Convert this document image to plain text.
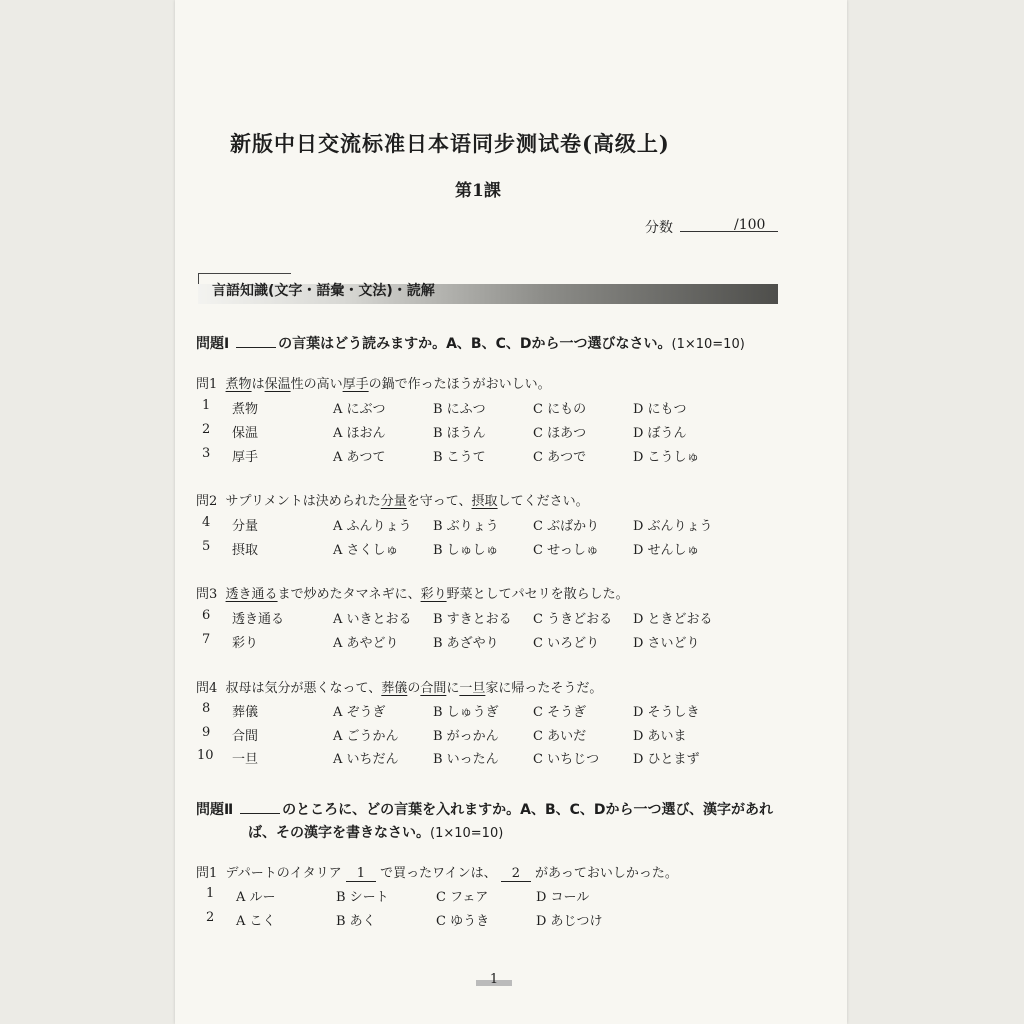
新版中日交流标准日本语同步测试卷(高级上)
第1課
分数	/100
言語知識(文字・語彙・文法)・読解
問題Ⅰ	の言葉はどう読みますか。A、B、C、Dから一つ選びなさい。(1×10=10)
問1 煮物は保温性の高い厚手の鍋で作ったほうがおいしい。
1 煮物	A にぶつ	B にふつ	C にもの	D にもつ
2 保温	A ほおん	B ほうん	C ほあつ	D ぼうん
3 厚手	A あつて	B こうて	C あつで	D こうしゅ
問2 サプリメントは決められた分量を守って、摂取してください。
4 分量	A ふんりょう B ぶりょう	C ぶばかり	D ぶんりょう
5 摂取	A さくしゅ	B しゅしゅ	C せっしゅ	D せんしゅ
問3 透き通るまで炒めたタマネギに、彩り野菜としてパセリを散らした。
6 透き通る	A いきとおる B すきとおる C うきどおる D ときどおる
7 彩り	A あやどり	B あざやり	C いろどり	D さいどり
問4 叔母は気分が悪くなって、葬儀の合間に一旦家に帰ったそうだ。
8 葬儀	A ぞうぎ	B しゅうぎ	C そうぎ	D そうしき
9 合間	A ごうかん	B がっかん	C あいだ	D あいま
10 一旦	A いちだん	B いったん	C いちじつ	D ひとまず
問題Ⅱ	のところに、どの言葉を入れますか。A、B、C、Dから一つ選び、漢字があれ
ば、その漢字を書きなさい。(1×10=10)
問1 デパートのイタリア 1 で買ったワインは、 2 があっておいしかった。
1 A ルー	B シート	C フェア	D コール
2 A こく	B あく	C ゆうき	D あじつけ
1
